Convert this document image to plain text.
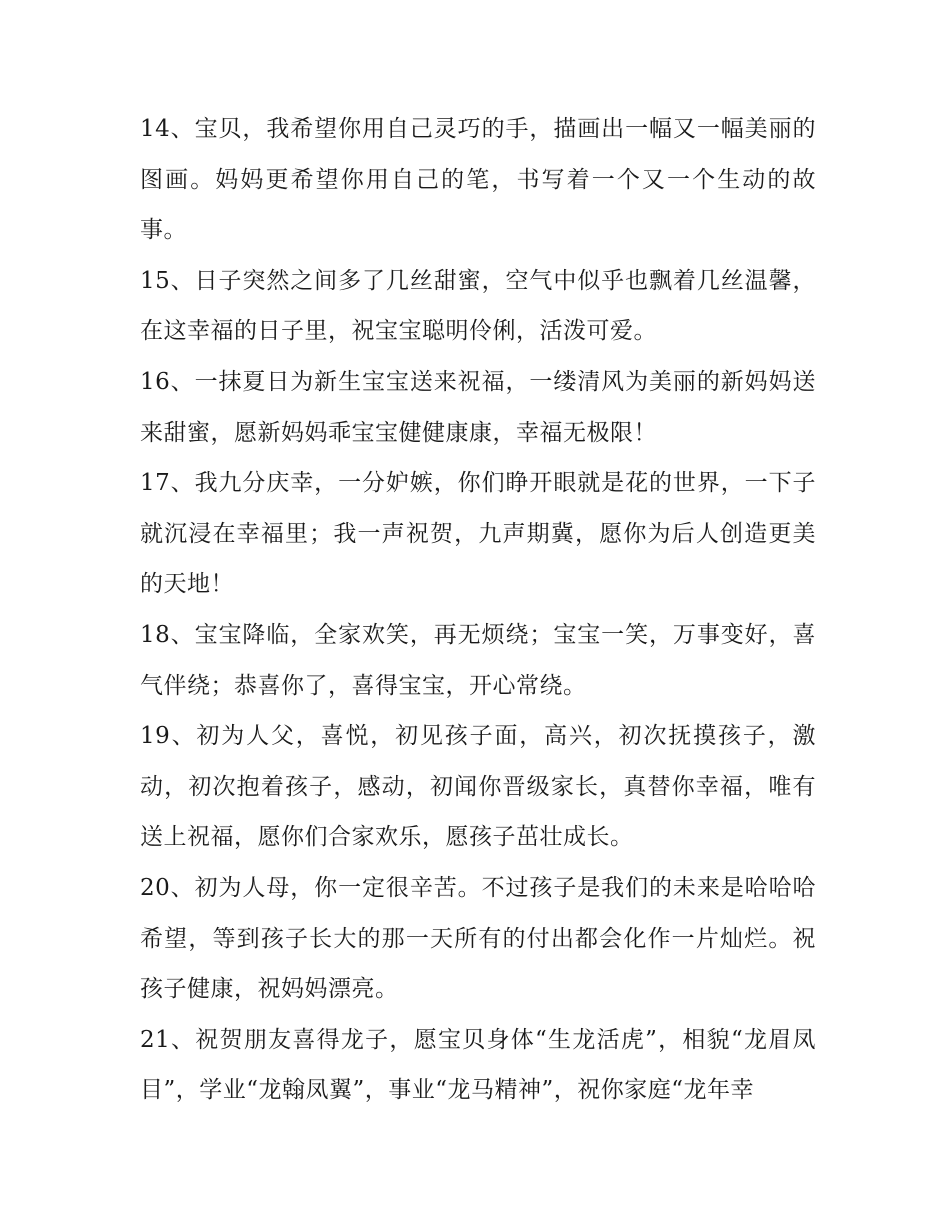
14、宝贝，我希望你用自己灵巧的手，描画出一幅又一幅美丽的图画。妈妈更希望你用自己的笔，书写着一个又一个生动的故事。

15、日子突然之间多了几丝甜蜜，空气中似乎也飘着几丝温馨，在这幸福的日子里，祝宝宝聪明伶俐，活泼可爱。

16、一抹夏日为新生宝宝送来祝福，一缕清风为美丽的新妈妈送来甜蜜，愿新妈妈乖宝宝健健康康，幸福无极限！

17、我九分庆幸，一分妒嫉，你们睁开眼就是花的世界，一下子就沉浸在幸福里；我一声祝贺，九声期冀，愿你为后人创造更美的天地！

18、宝宝降临，全家欢笑，再无烦绕；宝宝一笑，万事变好，喜气伴绕；恭喜你了，喜得宝宝，开心常绕。

19、初为人父，喜悦，初见孩子面，高兴，初次抚摸孩子，激动，初次抱着孩子，感动，初闻你晋级家长，真替你幸福，唯有送上祝福，愿你们合家欢乐，愿孩子茁壮成长。

20、初为人母，你一定很辛苦。不过孩子是我们的未来是哈哈哈希望，等到孩子长大的那一天所有的付出都会化作一片灿烂。祝孩子健康，祝妈妈漂亮。

21、祝贺朋友喜得龙子，愿宝贝身体“生龙活虎”，相貌“龙眉凤目”，学业“龙翰凤翼”，事业“龙马精神”，祝你家庭“龙年幸
